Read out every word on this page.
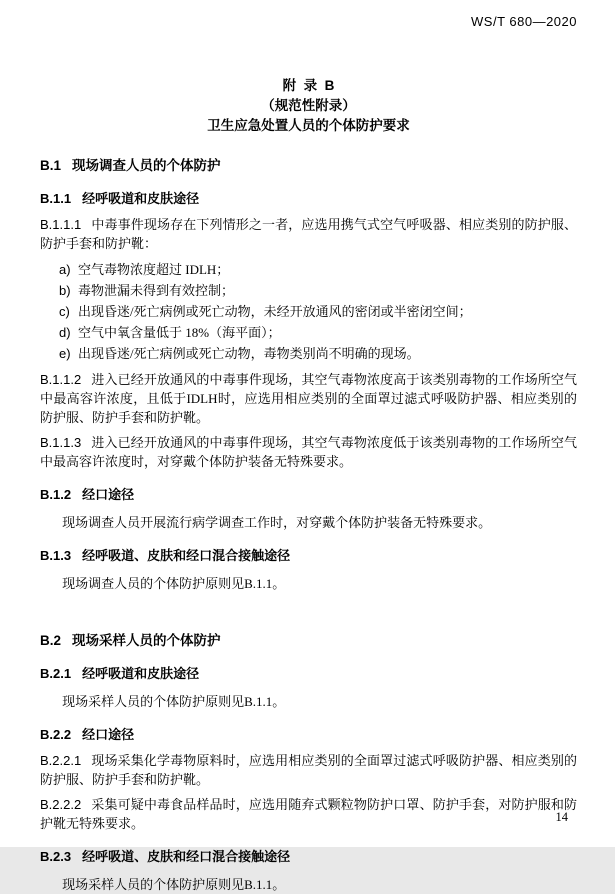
WS/T 680—2020
附  录  B
（规范性附录）
卫生应急处置人员的个体防护要求
B.1 现场调查人员的个体防护
B.1.1 经呼吸道和皮肤途径

B.1.1.1 中毒事件现场存在下列情形之一者，应选用携气式空气呼吸器、相应类别的防护服、防护手套和防护靴：

a) 空气毒物浓度超过 IDLH；
b) 毒物泄漏未得到有效控制；
c) 出现昏迷/死亡病例或死亡动物，未经开放通风的密闭或半密闭空间；
d) 空气中氧含量低于 18%（海平面）；
e) 出现昏迷/死亡病例或死亡动物，毒物类别尚不明确的现场。

B.1.1.2 进入已经开放通风的中毒事件现场，其空气毒物浓度高于该类别毒物的工作场所空气中最高容许浓度，且低于IDLH时，应选用相应类别的全面罩过滤式呼吸防护器、相应类别的防护服、防护手套和防护靴。

B.1.1.3 进入已经开放通风的中毒事件现场，其空气毒物浓度低于该类别毒物的工作场所空气中最高容许浓度时，对穿戴个体防护装备无特殊要求。

B.1.2 经口途径

现场调查人员开展流行病学调查工作时，对穿戴个体防护装备无特殊要求。

B.1.3 经呼吸道、皮肤和经口混合接触途径

现场调查人员的个体防护原则见B.1.1。

B.2 现场采样人员的个体防护
B.2.1 经呼吸道和皮肤途径

现场采样人员的个体防护原则见B.1.1。

B.2.2 经口途径

B.2.2.1 现场采集化学毒物原料时，应选用相应类别的全面罩过滤式呼吸防护器、相应类别的防护服、防护手套和防护靴。

B.2.2.2 采集可疑中毒食品样品时，应选用随弃式颗粒物防护口罩、防护手套，对防护服和防护靴无特殊要求。

B.2.3 经呼吸道、皮肤和经口混合接触途径

现场采样人员的个体防护原则见B.1.1。

14
